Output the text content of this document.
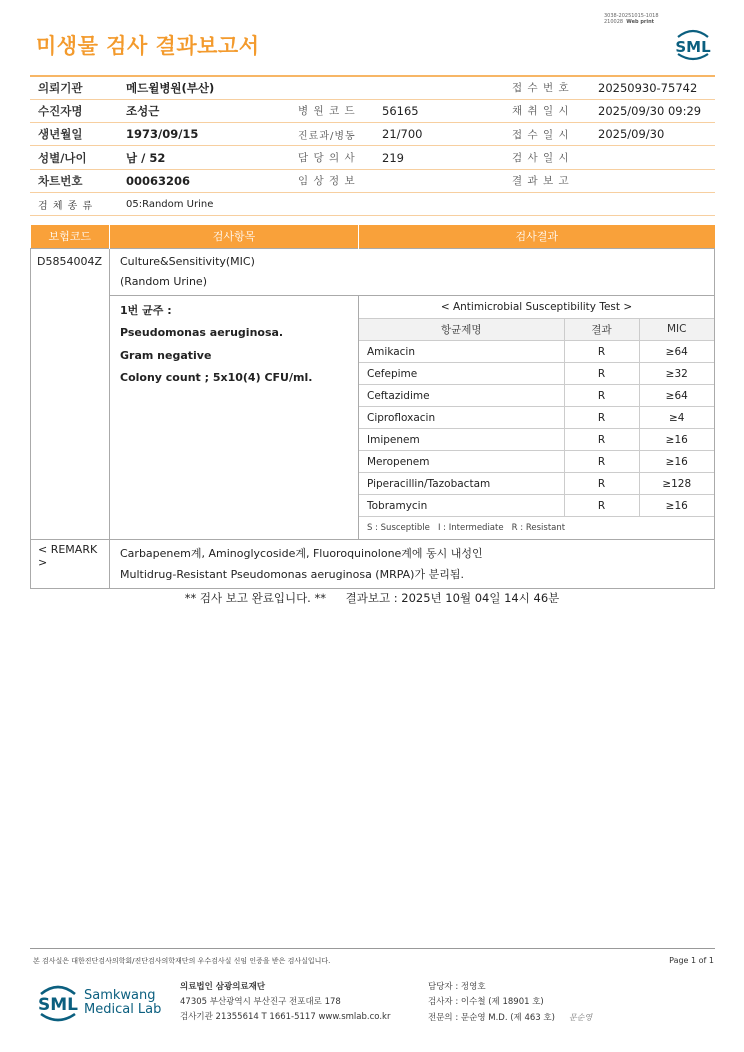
3038-20251015-1018
210028 Web print
미생물 검사 결과보고서	SML
의뢰기관	메드윌병원(부산)			접 수 번 호	20250930-75742
수진자명	조성근	병 원 코 드	56165	채 취 일 시	2025/09/30 09:29
생년월일	1973/09/15	진료과/병동	21/700	접 수 일 시	2025/09/30
성별/나이	남 / 52	담 당 의 사	219	검 사 일 시	
차트번호	00063206	임 상 정 보		결 과 보 고	
검 체 종 류	05:Random Urine				
보험코드	검사항목	검사결과
D5854004Z	Culture&Sensitivity(MIC)
(Random Urine)

1번 균주 :
Pseudomonas aeruginosa.
Gram negative
Colony count ; 5x10(4) CFU/ml.

< Antimicrobial Susceptibility Test >
항균제명	결과	MIC
Amikacin	R	≥64
Cefepime	R	≥32
Ceftazidime	R	≥64
Ciprofloxacin	R	≥4
Imipenem	R	≥16
Meropenem	R	≥16
Piperacillin/Tazobactam	R	≥128
Tobramycin	R	≥16
S : Susceptible   I : Intermediate   R : Resistant

< REMARK >	
Carbapenem계, Aminoglycoside계, Fluoroquinolone계에 동시 내성인
Multidrug-Resistant Pseudomonas aeruginosa (MRPA)가 분리됨.
** 검사 보고 완료입니다. ** 결과보고 : 2025년 10월 04일 14시 46분
본 검사실은 대한진단검사의학회/진단검사의학재단의 우수검사실 신임 인증을 받은 검사실입니다.	Page 1 of 1
SML Samkwang
Medical Lab
의료법인 삼광의료재단
47305 부산광역시 부산진구 전포대로 178
검사기관 21355614 T 1661-5117 www.smlab.co.kr
담당자 : 정영호
검사자 : 이수철 (제 18901 호)
전문의 : 문순영 M.D. (제 463 호) 문순영
